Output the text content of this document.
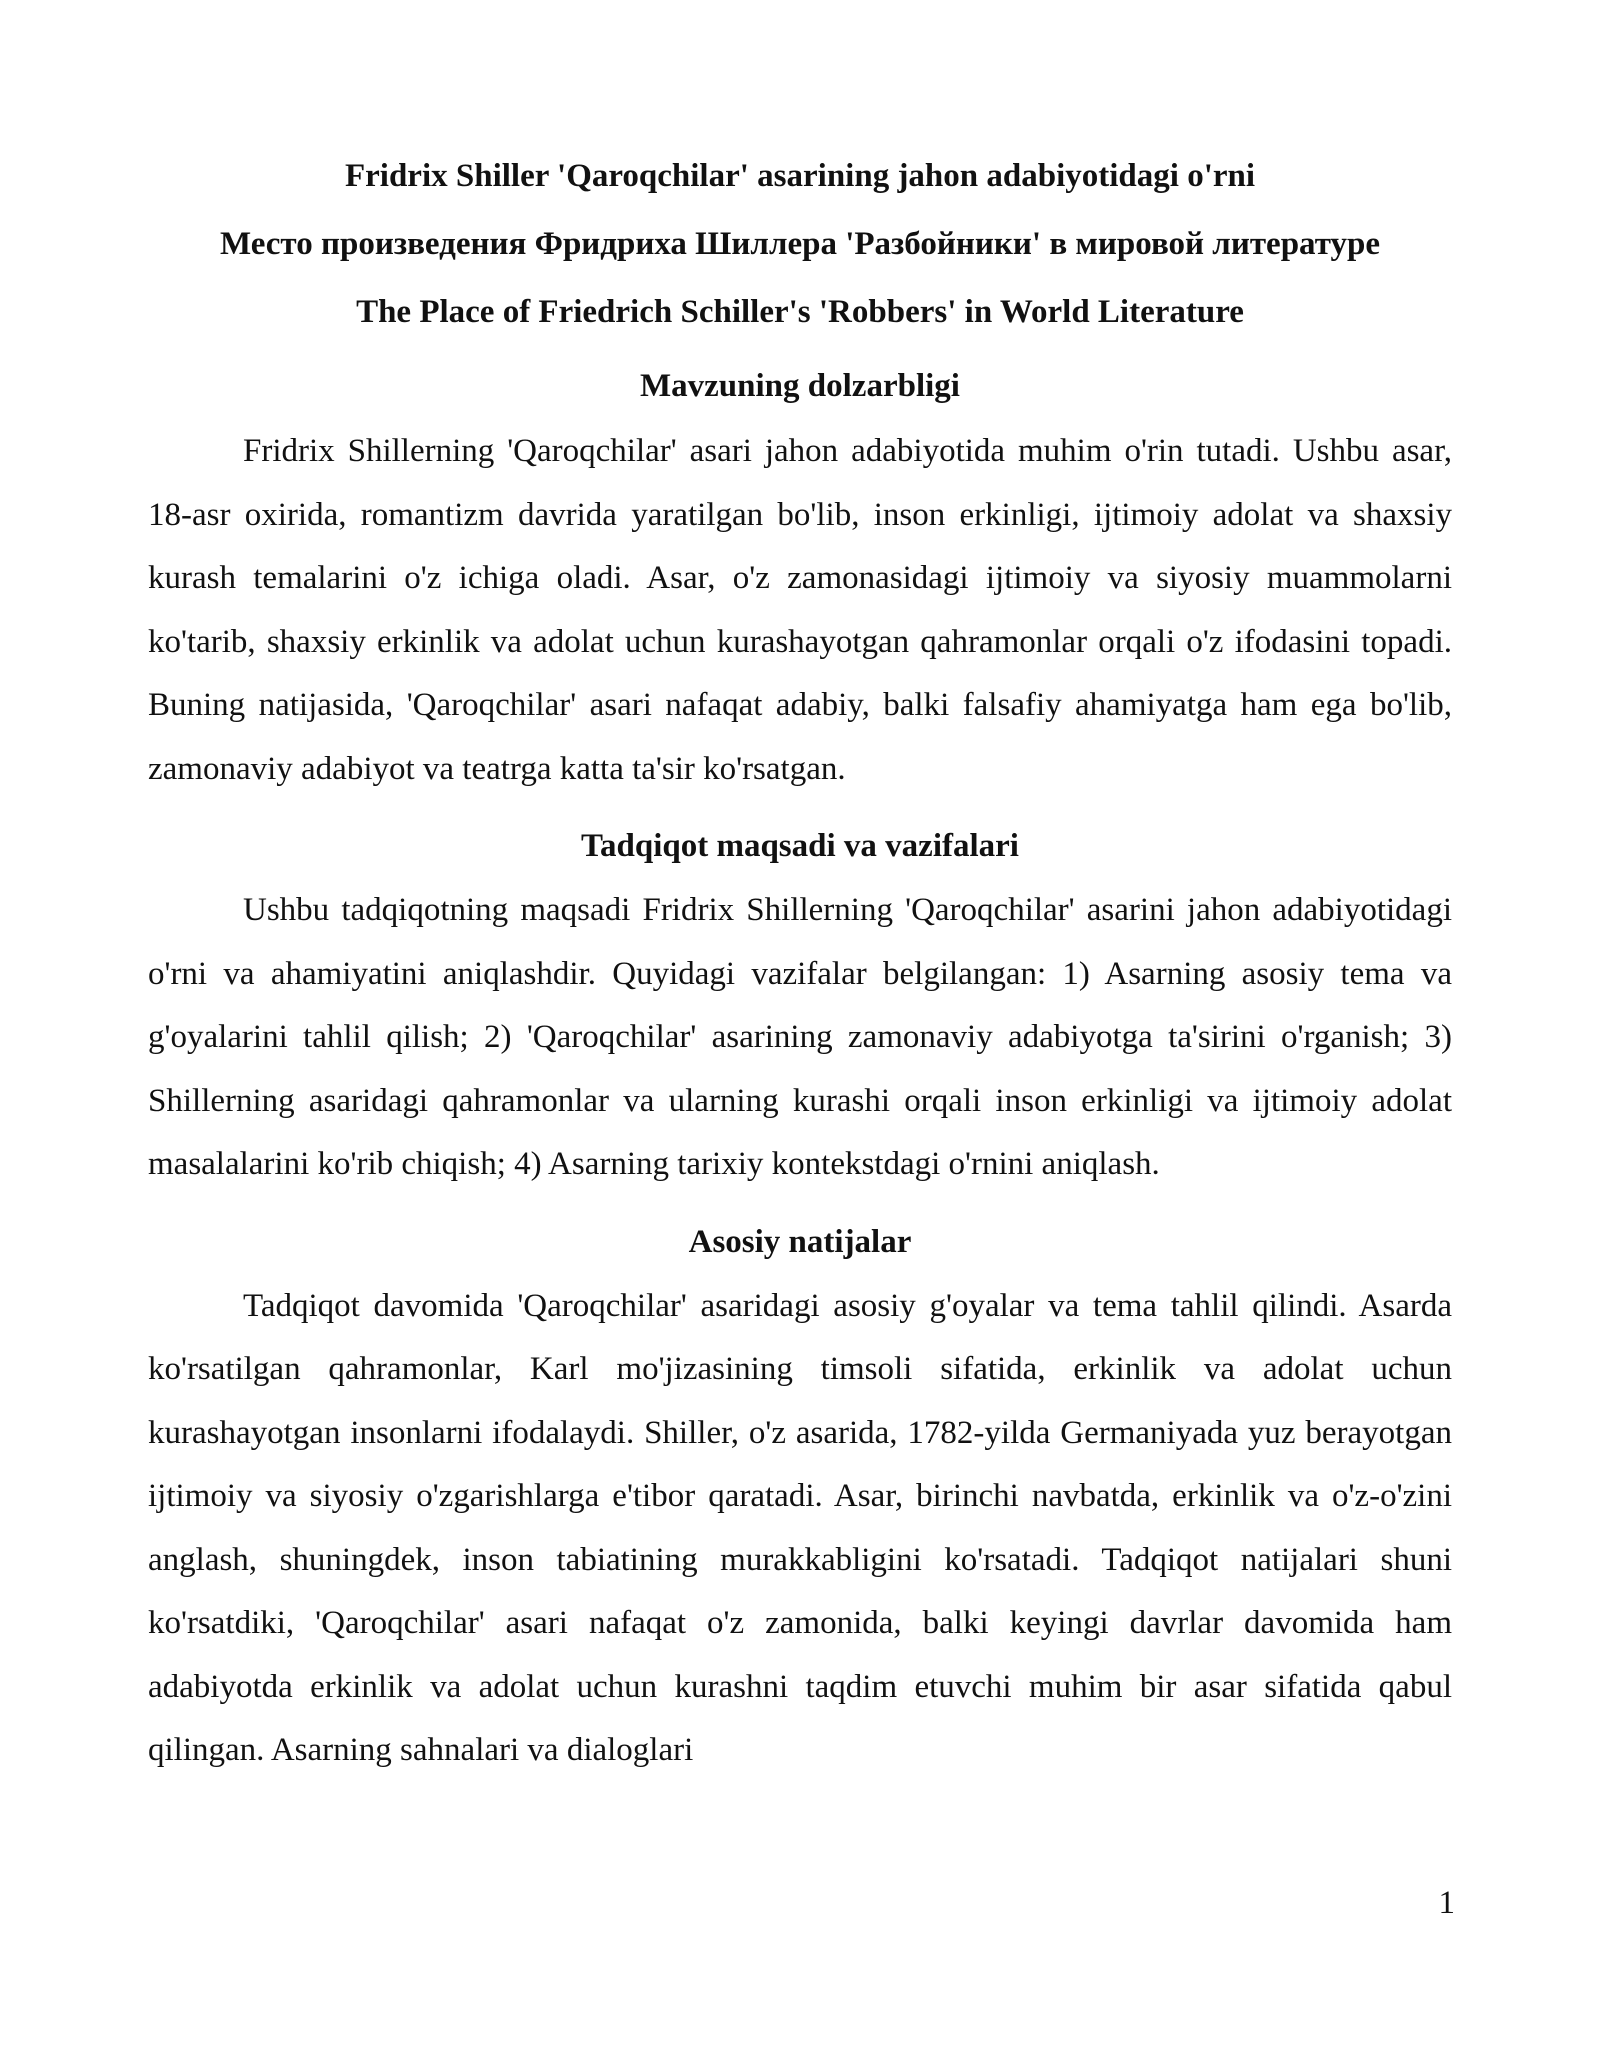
Fridrix Shiller 'Qaroqchilar' asarining jahon adabiyotidagi o'rni

Место произведения Фридриха Шиллера 'Разбойники' в мировой литературе

The Place of Friedrich Schiller's 'Robbers' in World Literature

Mavzuning dolzarbligi

Fridrix Shillerning 'Qaroqchilar' asari jahon adabiyotida muhim o'rin tutadi. Ushbu asar, 18-asr oxirida, romantizm davrida yaratilgan bo'lib, inson erkinligi, ijtimoiy adolat va shaxsiy kurash temalarini o'z ichiga oladi. Asar, o'z zamonasidagi ijtimoiy va siyosiy muammolarni ko'tarib, shaxsiy erkinlik va adolat uchun kurashayotgan qahramonlar orqali o'z ifodasini topadi. Buning natijasida, 'Qaroqchilar' asari nafaqat adabiy, balki falsafiy ahamiyatga ham ega bo'lib, zamonaviy adabiyot va teatrga katta ta'sir ko'rsatgan.

Tadqiqot maqsadi va vazifalari

Ushbu tadqiqotning maqsadi Fridrix Shillerning 'Qaroqchilar' asarini jahon adabiyotidagi o'rni va ahamiyatini aniqlashdir. Quyidagi vazifalar belgilangan: 1) Asarning asosiy tema va g'oyalarini tahlil qilish; 2) 'Qaroqchilar' asarining zamonaviy adabiyotga ta'sirini o'rganish; 3) Shillerning asaridagi qahramonlar va ularning kurashi orqali inson erkinligi va ijtimoiy adolat masalalarini ko'rib chiqish; 4) Asarning tarixiy kontekstdagi o'rnini aniqlash.

Asosiy natijalar

Tadqiqot davomida 'Qaroqchilar' asaridagi asosiy g'oyalar va tema tahlil qilindi. Asarda ko'rsatilgan qahramonlar, Karl mo'jizasining timsoli sifatida, erkinlik va adolat uchun kurashayotgan insonlarni ifodalaydi. Shiller, o'z asarida, 1782-yilda Germaniyada yuz berayotgan ijtimoiy va siyosiy o'zgarishlarga e'tibor qaratadi. Asar, birinchi navbatda, erkinlik va o'z-o'zini anglash, shuningdek, inson tabiatining murakkabligini ko'rsatadi. Tadqiqot natijalari shuni ko'rsatdiki, 'Qaroqchilar' asari nafaqat o'z zamonida, balki keyingi davrlar davomida ham adabiyotda erkinlik va adolat uchun kurashni taqdim etuvchi muhim bir asar sifatida qabul qilingan. Asarning sahnalari va dialoglari

1
